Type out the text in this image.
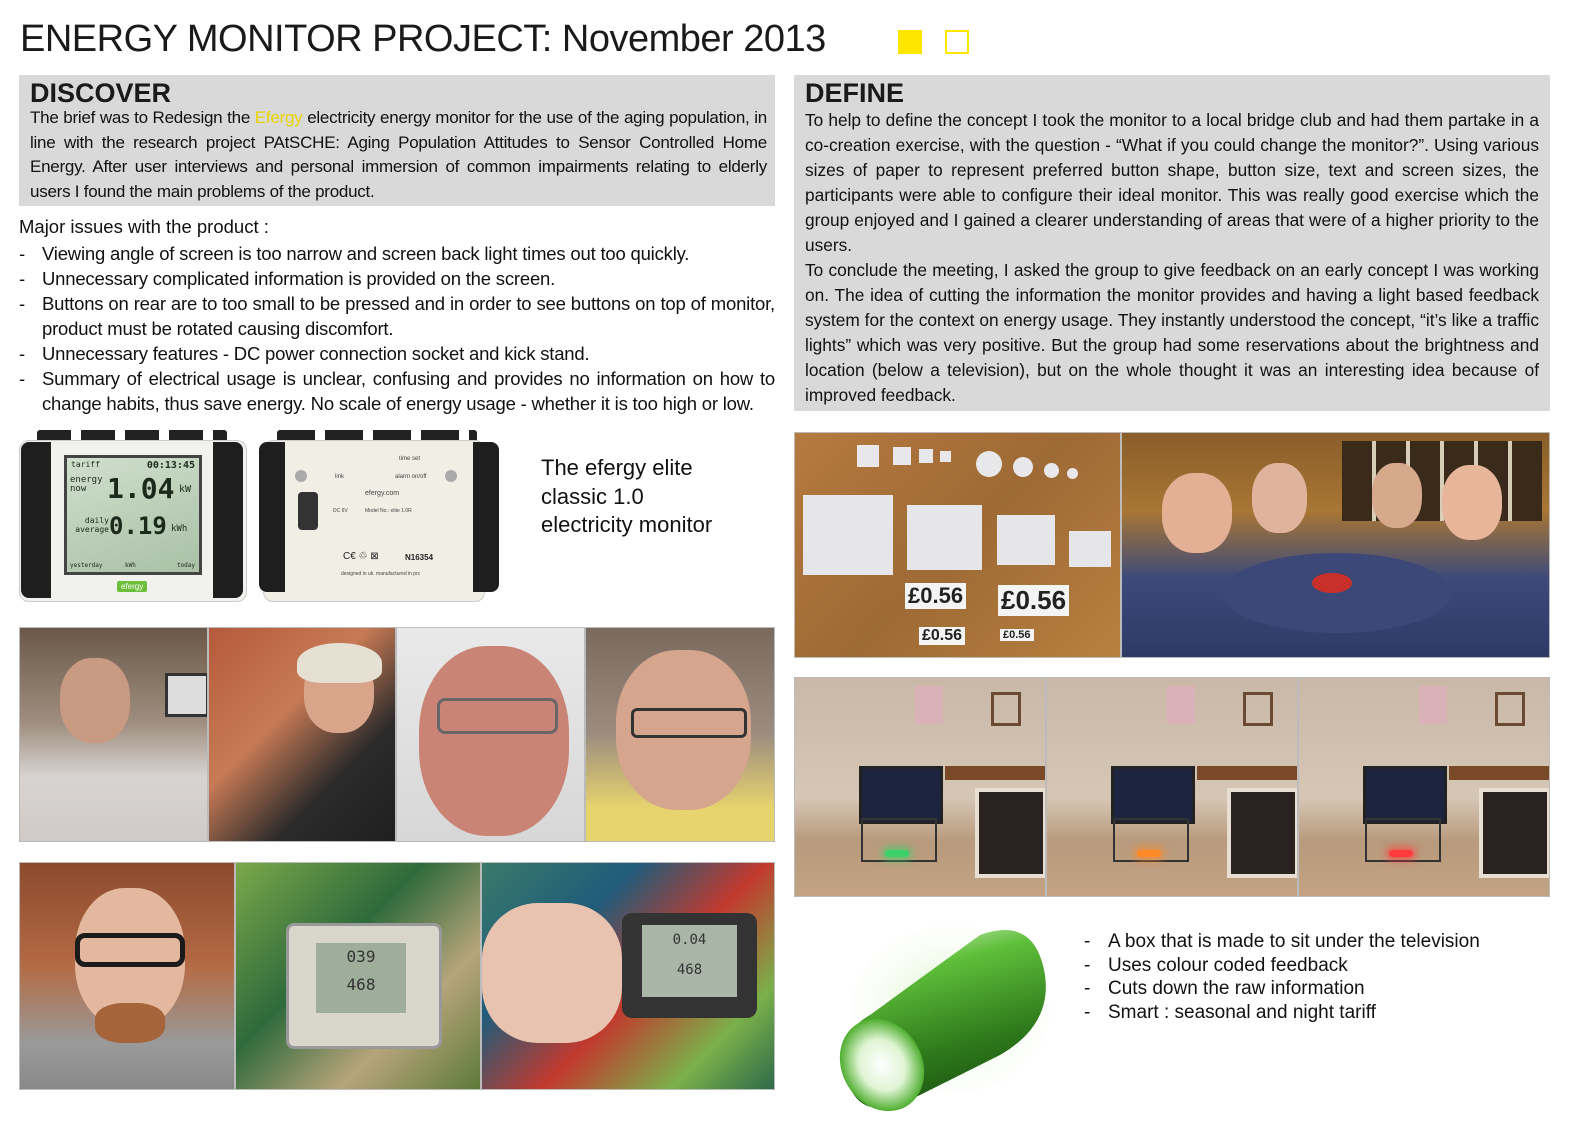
ENERGY MONITOR PROJECT: November 2013
DISCOVER
The brief was to Redesign the Efergy electricity energy monitor for the use of the aging population, in line with the research project PAtSCHE: Aging Population Attitudes to Sensor Controlled Home Energy. After user interviews and personal immersion of common impairments relating to elderly users I found the main problems of the product.
Major issues with the product :
- Viewing angle of screen is too narrow and screen back light times out too quickly.
- Unnecessary complicated information is provided on the screen.
- Buttons on rear are to too small to be pressed and in order to see buttons on top of monitor, product must be rotated causing discomfort.
- Unnecessary features - DC power connection socket and kick stand.
- Summary of electrical usage is unclear, confusing and provides no information on how to change habits, thus save energy. No scale of energy usage - whether it is too high or low.
tariff	00:13:45
energy now 1.04 kW
daily average 0.19 kWh
yesterday	kWh	today
efergy
link
time set
alarm on/off
efergy.com
DC 6V	Model No.: elite 1.0R
N16354
C€ ♲ ⊠
designed in uk. manufactured in prc
The efergy elite classic 1.0 electricity monitor
039
468
0.04
468
DEFINE
To help to define the concept I took the monitor to a local bridge club and had them partake in a co-creation exercise, with the question - “What if you could change the monitor?”. Using various sizes of paper to represent preferred button shape, button size, text and screen sizes, the participants were able to configure their ideal monitor. This was really good exercise which the group enjoyed and I gained a clearer understanding of areas that were of a higher priority to the users.
To conclude the meeting, I asked the group to give feedback on an early concept I was working on. The idea of cutting the information the monitor provides and having a light based feedback system for the context on energy usage. They instantly understood the concept, “it’s like a traffic lights” which was very positive. But the group had some reservations about the brightness and location (below a television), but on the whole thought it was an interesting idea because of improved feedback.
£0.56 £0.56
£0.56	£0.56
- A box that is made to sit under the television
- Uses colour coded feedback
- Cuts down the raw information
- Smart : seasonal and night tariff
